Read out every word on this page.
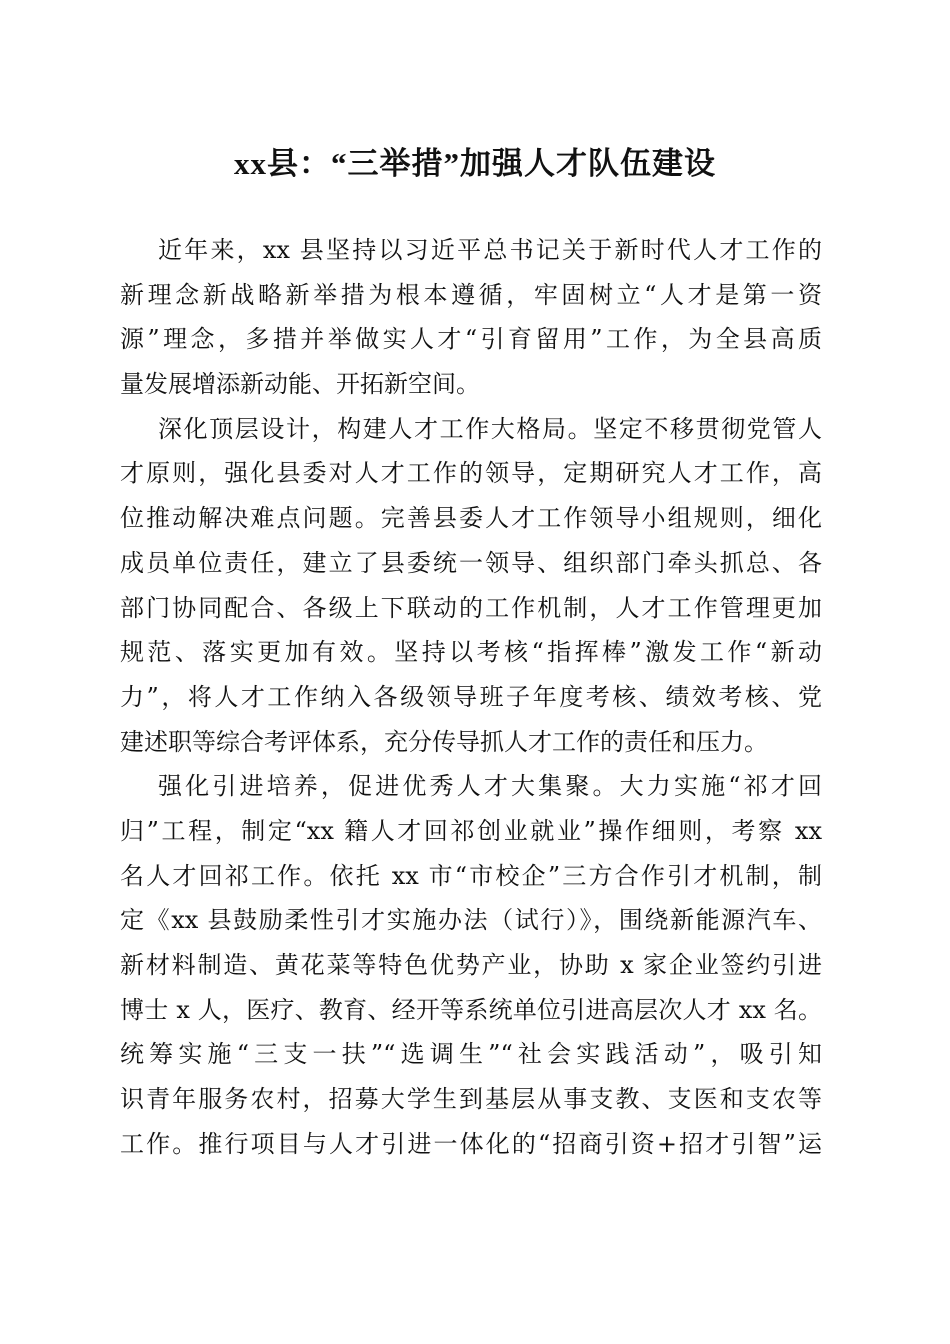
xx县：“三举措”加强人才队伍建设
近年来，xx 县坚持以习近平总书记关于新时代人才工作的
新理念新战略新举措为根本遵循，牢固树立“人才是第一资
源”理念，多措并举做实人才“引育留用”工作，为全县高质
量发展增添新动能、开拓新空间。
深化顶层设计，构建人才工作大格局。坚定不移贯彻党管人
才原则，强化县委对人才工作的领导，定期研究人才工作，高
位推动解决难点问题。完善县委人才工作领导小组规则，细化
成员单位责任，建立了县委统一领导、组织部门牵头抓总、各
部门协同配合、各级上下联动的工作机制，人才工作管理更加
规范、落实更加有效。坚持以考核“指挥棒”激发工作“新动
力”，将人才工作纳入各级领导班子年度考核、绩效考核、党
建述职等综合考评体系，充分传导抓人才工作的责任和压力。
强化引进培养，促进优秀人才大集聚。大力实施“祁才回
归”工程，制定“xx 籍人才回祁创业就业”操作细则，考察 xx
名人才回祁工作。依托 xx 市“市校企”三方合作引才机制，制
定《xx 县鼓励柔性引才实施办法（试行）》，围绕新能源汽车、
新材料制造、黄花菜等特色优势产业，协助 x 家企业签约引进
博士 x 人，医疗、教育、经开等系统单位引进高层次人才 xx 名。
统筹实施“三支一扶”“选调生”“社会实践活动”，吸引知
识青年服务农村，招募大学生到基层从事支教、支医和支农等
工作。推行项目与人才引进一体化的“招商引资+招才引智”运
